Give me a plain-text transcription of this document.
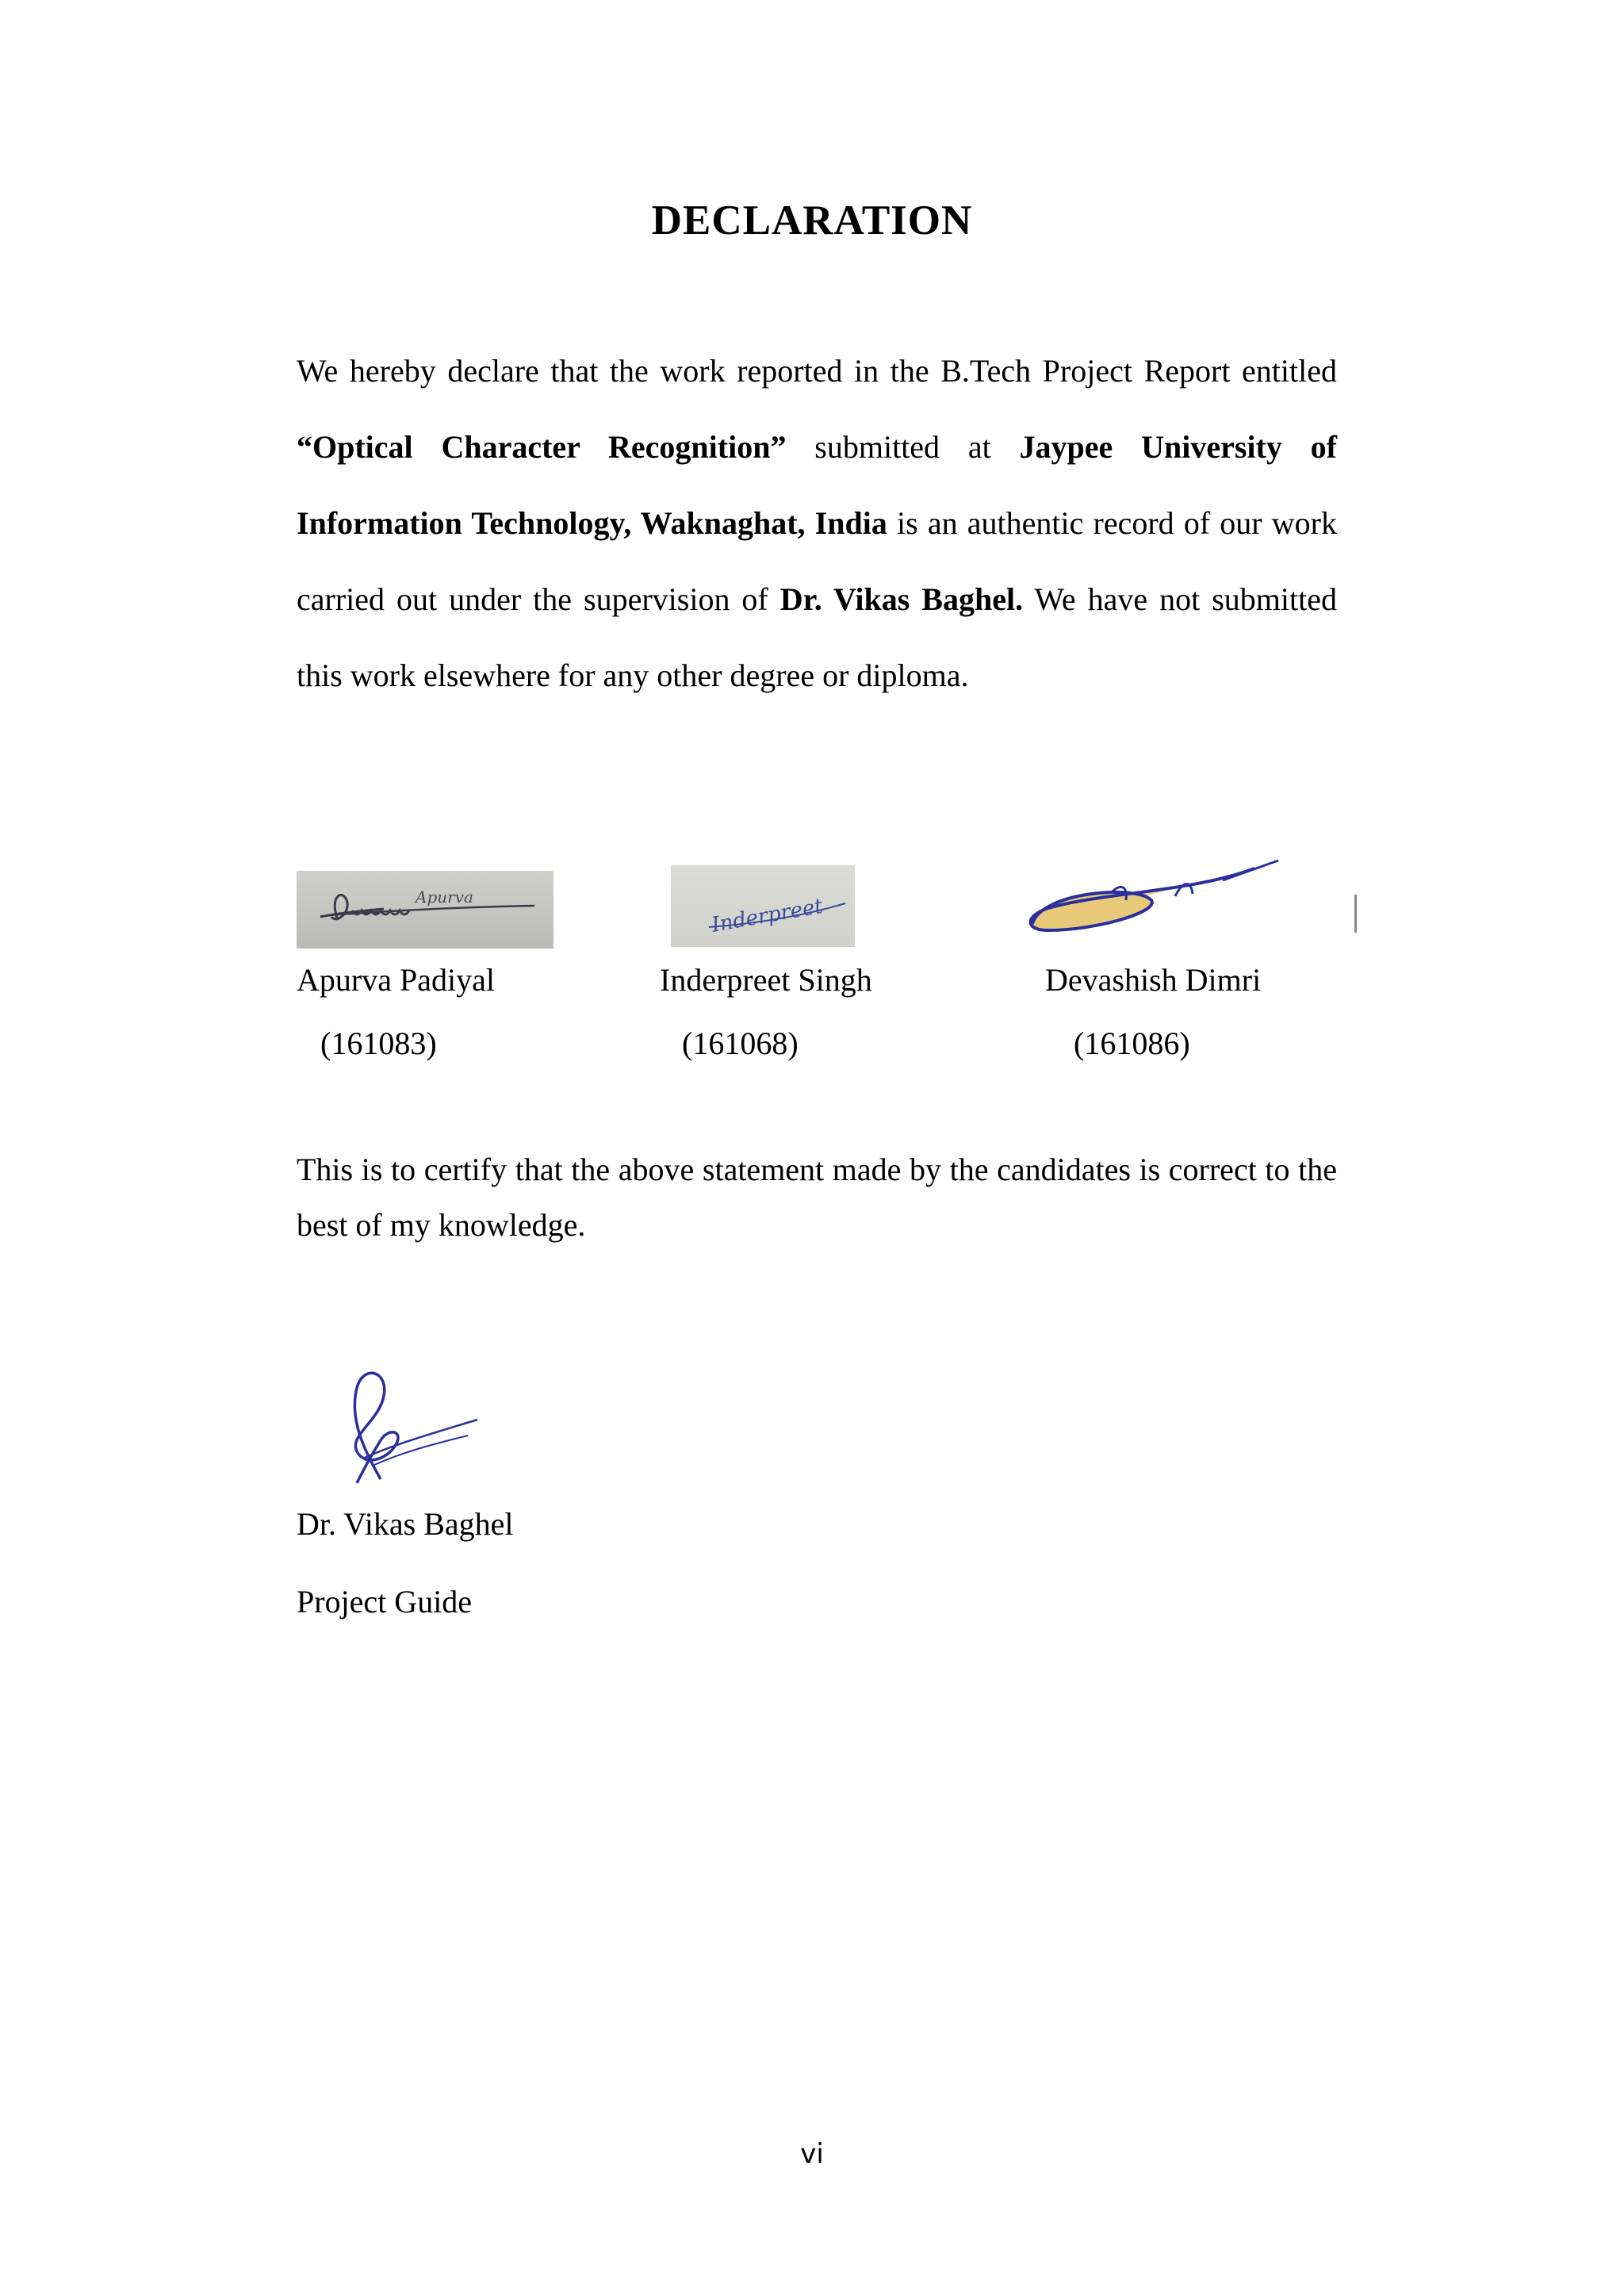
DECLARATION

We hereby declare that the work reported in the B.Tech Project Report entitled “Optical Character Recognition” submitted at Jaypee University of Information Technology, Waknaghat, India is an authentic record of our work carried out under the supervision of Dr. Vikas Baghel. We have not submitted this work elsewhere for any other degree or diploma.

Apurva	Inderpreet
Apurva Padiyal	Inderpreet Singh	Devashish Dimri
(161083)	(161068)	(161086)

This is to certify that the above statement made by the candidates is correct to the best of my knowledge.

Dr. Vikas Baghel
Project Guide
vi
